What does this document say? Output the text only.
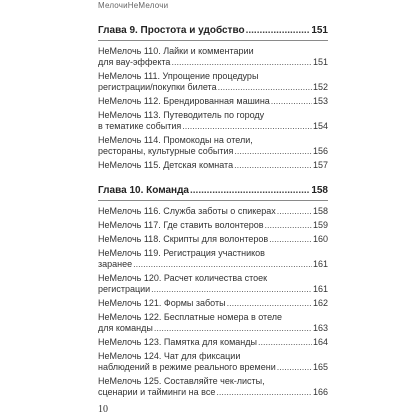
МелочиНеМелочи
Глава 9. Простота и удобство .....	151
НеМелочь 110. Лайки и комментарии
для вау-эффекта .....	151
НеМелочь 111. Упрощение процедуры
регистрации/покупки билета .....	152
НеМелочь 112. Брендированная машина .....	153
НеМелочь 113. Путеводитель по городу
в тематике события .....	154
НеМелочь 114. Промокоды на отели,
рестораны, культурные события .....	156
НеМелочь 115. Детская комната .....	157
Глава 10. Команда .....	158
НеМелочь 116. Служба заботы о спикерах .....	158
НеМелочь 117. Где ставить волонтеров .....	159
НеМелочь 118. Скрипты для волонтеров .....	160
НеМелочь 119. Регистрация участников
заранее .....	161
НеМелочь 120. Расчет количества стоек
регистрации .....	161
НеМелочь 121. Формы заботы .....	162
НеМелочь 122. Бесплатные номера в отеле
для команды .....	163
НеМелочь 123. Памятка для команды .....	164
НеМелочь 124. Чат для фиксации
наблюдений в режиме реального времени .....	165
НеМелочь 125. Составляйте чек-листы,
сценарии и тайминги на все .....	166
10
